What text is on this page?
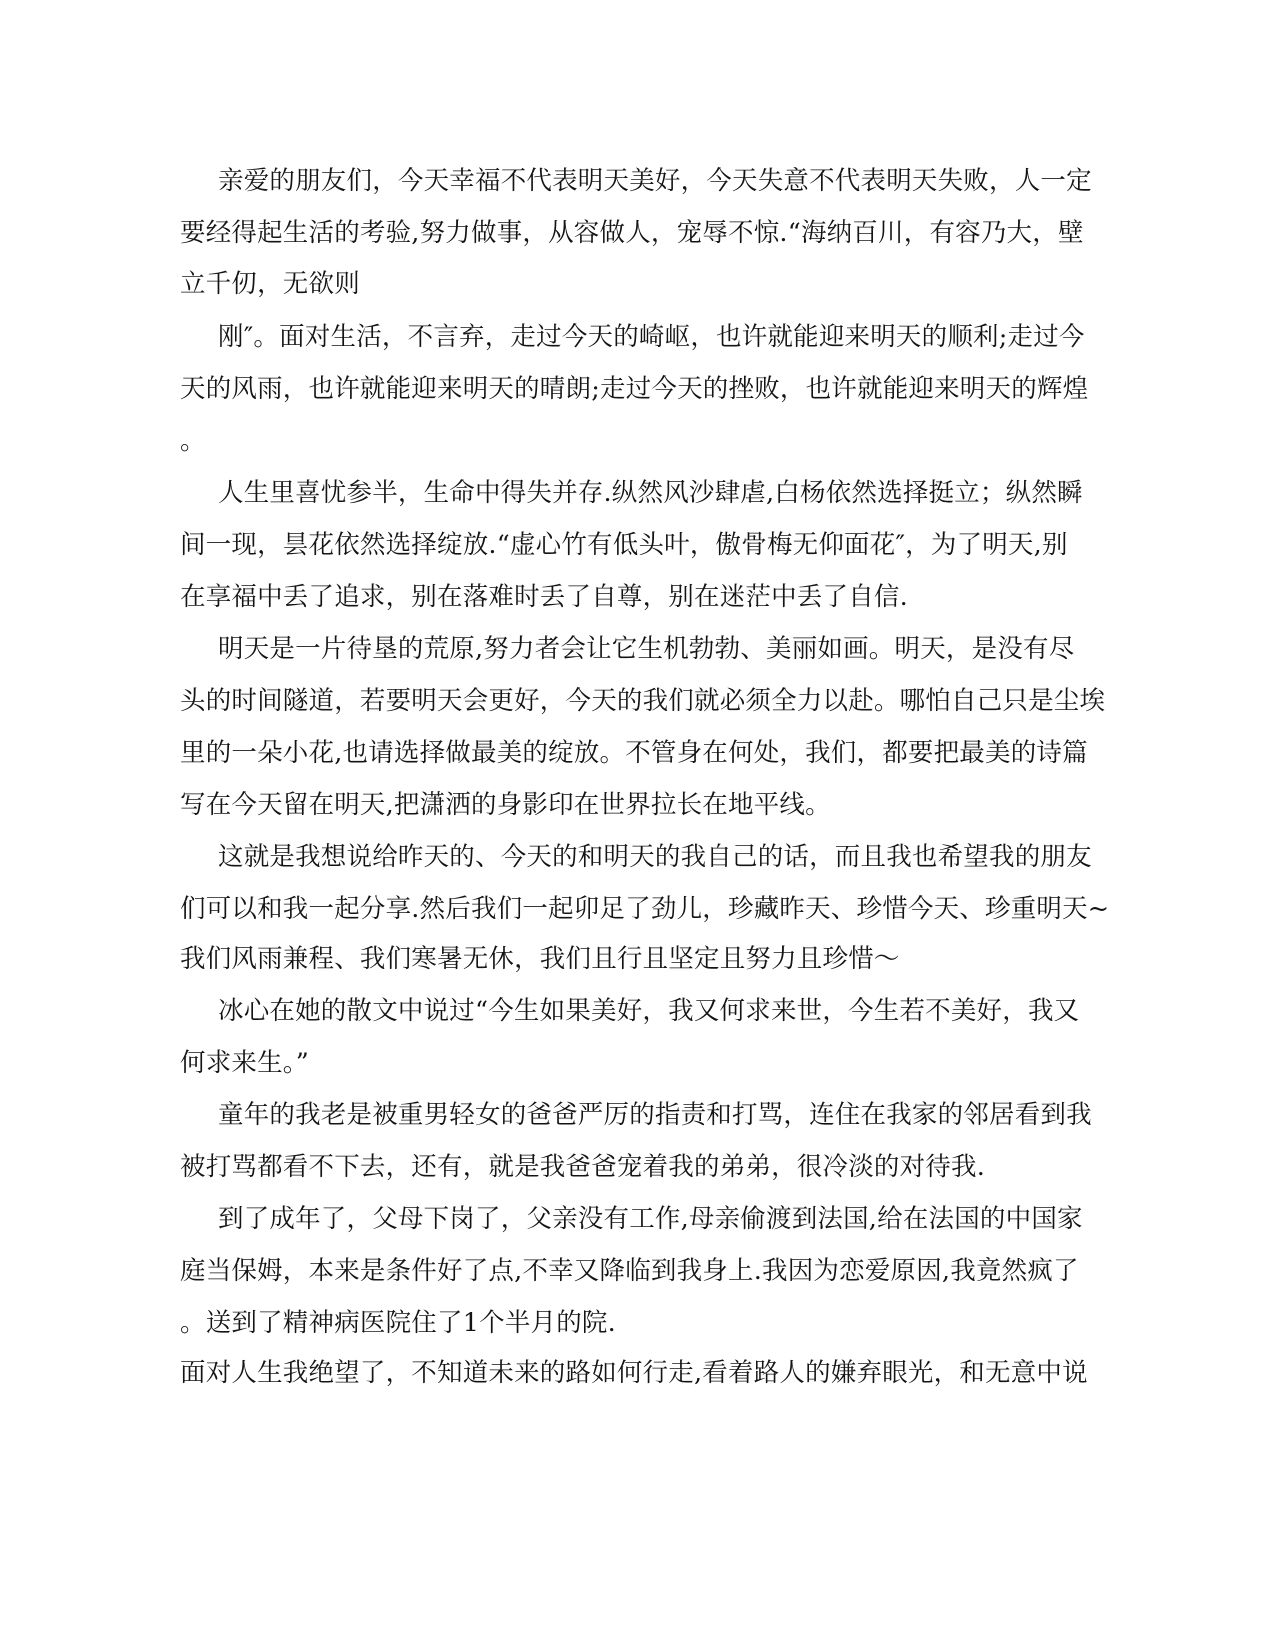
亲爱的朋友们，今天幸福不代表明天美好，今天失意不代表明天失败，人一定

要经得起生活的考验,努力做事，从容做人，宠辱不惊.“海纳百川，有容乃大，壁

立千仞，无欲则

刚″。面对生活，不言弃，走过今天的崎岖，也许就能迎来明天的顺利;走过今

天的风雨，也许就能迎来明天的晴朗;走过今天的挫败，也许就能迎来明天的辉煌

。

人生里喜忧参半，生命中得失并存.纵然风沙肆虐,白杨依然选择挺立；纵然瞬

间一现，昙花依然选择绽放.“虚心竹有低头叶，傲骨梅无仰面花″，为了明天,别

在享福中丢了追求，别在落难时丢了自尊，别在迷茫中丢了自信.

明天是一片待垦的荒原,努力者会让它生机勃勃、美丽如画。明天，是没有尽

头的时间隧道，若要明天会更好，今天的我们就必须全力以赴。哪怕自己只是尘埃

里的一朵小花,也请选择做最美的绽放。不管身在何处，我们，都要把最美的诗篇

写在今天留在明天,把潇洒的身影印在世界拉长在地平线。

这就是我想说给昨天的、今天的和明天的我自己的话，而且我也希望我的朋友

们可以和我一起分享.然后我们一起卯足了劲儿，珍藏昨天、珍惜今天、珍重明天~

我们风雨兼程、我们寒暑无休，我们且行且坚定且努力且珍惜～

冰心在她的散文中说过“今生如果美好，我又何求来世，今生若不美好，我又

何求来生。”

童年的我老是被重男轻女的爸爸严厉的指责和打骂，连住在我家的邻居看到我

被打骂都看不下去，还有，就是我爸爸宠着我的弟弟，很冷淡的对待我.

到了成年了，父母下岗了，父亲没有工作,母亲偷渡到法国,给在法国的中国家

庭当保姆，本来是条件好了点,不幸又降临到我身上.我因为恋爱原因,我竟然疯了

。送到了精神病医院住了1个半月的院.

面对人生我绝望了，不知道未来的路如何行走,看着路人的嫌弃眼光，和无意中说
